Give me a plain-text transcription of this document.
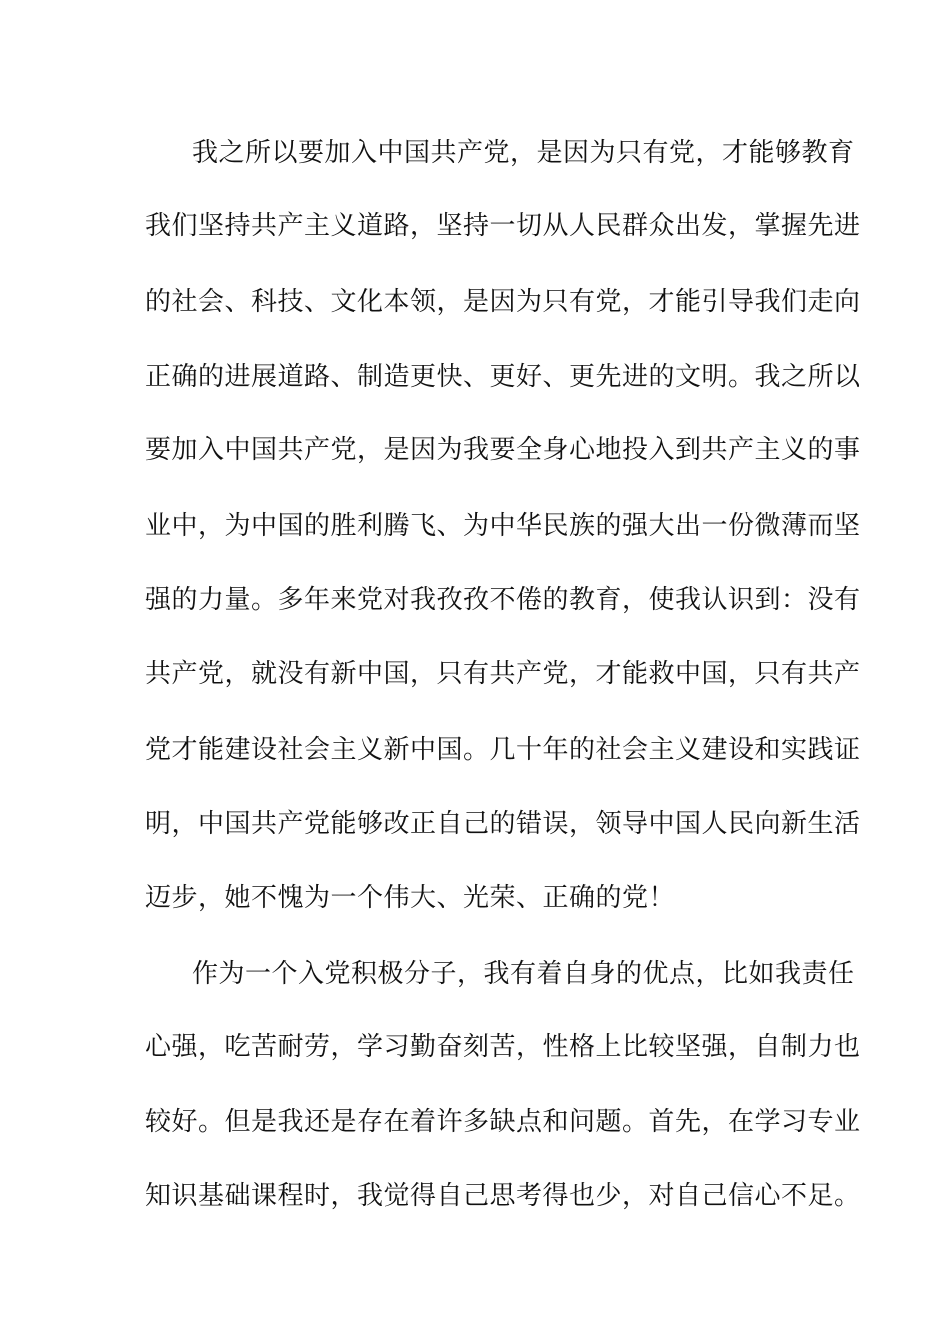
我之所以要加入中国共产党，是因为只有党，才能够教育
我们坚持共产主义道路，坚持一切从人民群众出发，掌握先进
的社会、科技、文化本领，是因为只有党，才能引导我们走向
正确的进展道路、制造更快、更好、更先进的文明。我之所以
要加入中国共产党，是因为我要全身心地投入到共产主义的事
业中，为中国的胜利腾飞、为中华民族的强大出一份微薄而坚
强的力量。多年来党对我孜孜不倦的教育，使我认识到：没有
共产党，就没有新中国，只有共产党，才能救中国，只有共产
党才能建设社会主义新中国。几十年的社会主义建设和实践证
明，中国共产党能够改正自己的错误，领导中国人民向新生活
迈步，她不愧为一个伟大、光荣、正确的党！
作为一个入党积极分子，我有着自身的优点，比如我责任
心强，吃苦耐劳，学习勤奋刻苦，性格上比较坚强，自制力也
较好。但是我还是存在着许多缺点和问题。首先，在学习专业
知识基础课程时，我觉得自己思考得也少，对自己信心不足。
